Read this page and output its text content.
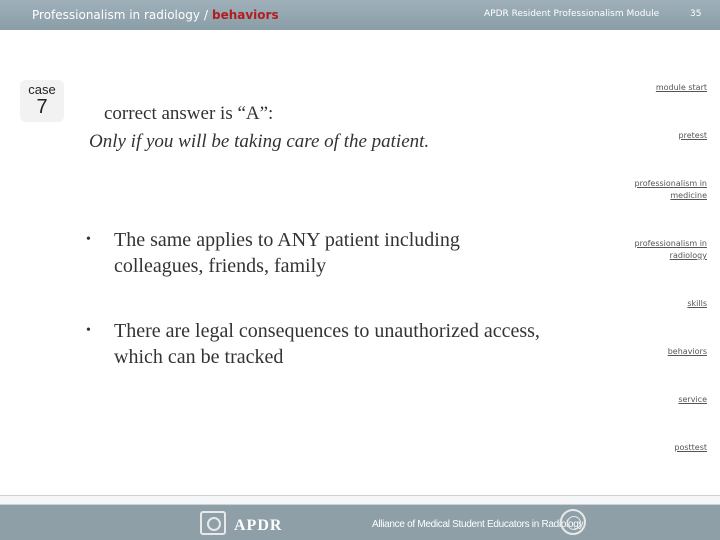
Professionalism in radiology / behaviors	APDR Resident Professionalism Module	35
case
7	correct answer is “A”:
Only if you will be taking care of the patient.
• The same applies to ANY patient including colleagues, friends, family
• There are legal consequences to unauthorized access, which can be tracked
module start
pretest
professionalism in medicine
professionalism in radiology
skills
behaviors
service
posttest
APDR	Alliance of Medical Student Educators in Radiology
